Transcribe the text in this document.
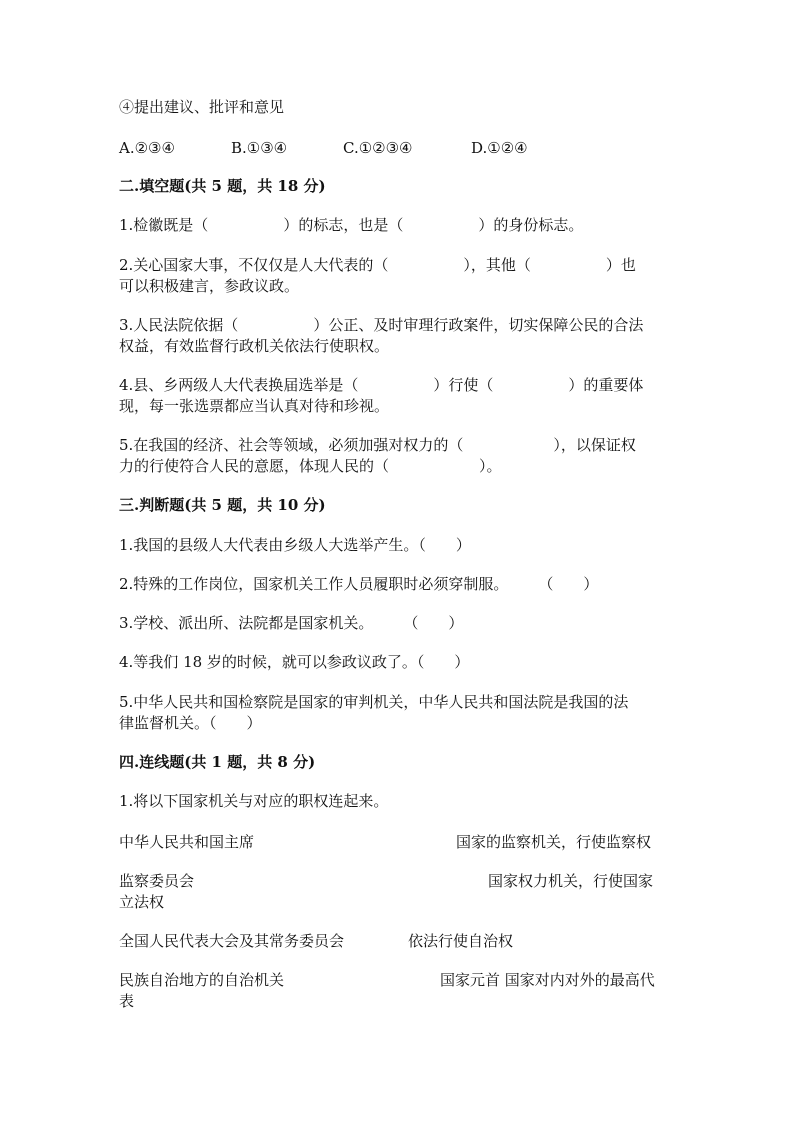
④提出建议、批评和意见
A.②③④	B.①③④	C.①②③④	D.①②④
二.填空题(共 5 题，共 18 分)
1.检徽既是（　　　　　）的标志，也是（　　　　　）的身份标志。
2.关心国家大事，不仅仅是人大代表的（　　　　　），其他（　　　　　）也
可以积极建言，参政议政。
3.人民法院依据（　　　　　）公正、及时审理行政案件，切实保障公民的合法
权益，有效监督行政机关依法行使职权。
4.县、乡两级人大代表换届选举是（　　　　　）行使（　　　　　）的重要体
现，每一张选票都应当认真对待和珍视。
5.在我国的经济、社会等领域，必须加强对权力的（　　　　　　），以保证权
力的行使符合人民的意愿，体现人民的（　　　　　　）。
三.判断题(共 5 题，共 10 分)
1.我国的县级人大代表由乡级人大选举产生。（　　）
2.特殊的工作岗位，国家机关工作人员履职时必须穿制服。　　　（　　）
3.学校、派出所、法院都是国家机关。　　　（　　）
4.等我们 18 岁的时候，就可以参政议政了。（　　）
5.中华人民共和国检察院是国家的审判机关，中华人民共和国法院是我国的法
律监督机关。（　　）
四.连线题(共 1 题，共 8 分)
1.将以下国家机关与对应的职权连起来。
中华人民共和国主席	国家的监察机关，行使监察权
监察委员会	国家权力机关，行使国家
立法权
全国人民代表大会及其常务委员会	依法行使自治权
民族自治地方的自治机关	国家元首 国家对内对外的最高代
表
